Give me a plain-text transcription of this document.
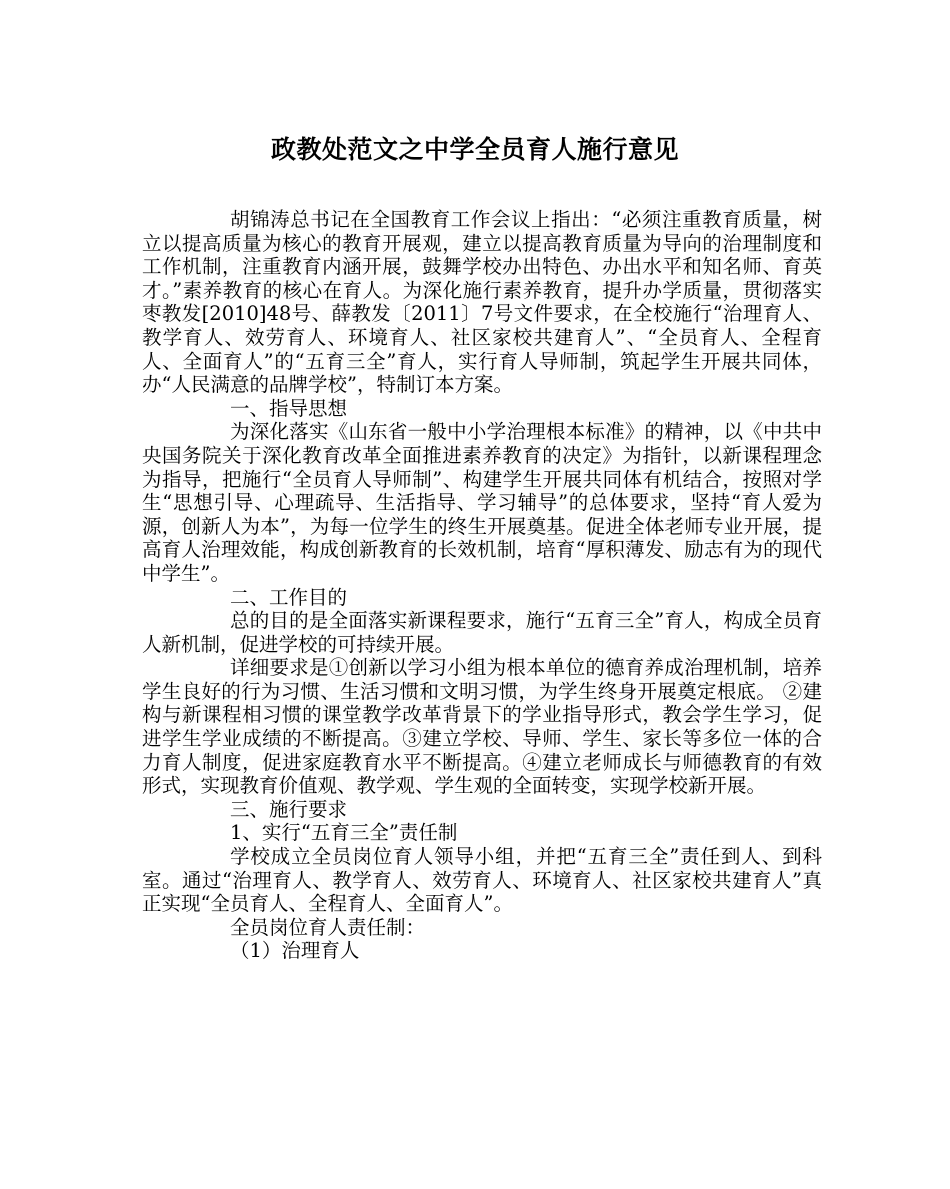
政教处范文之中学全员育人施行意见

胡锦涛总书记在全国教育工作会议上指出：“必须注重教育质量，树立以提高质量为核心的教育开展观，建立以提高教育质量为导向的治理制度和工作机制，注重教育内涵开展，鼓舞学校办出特色、办出水平和知名师、育英才。”素养教育的核心在育人。为深化施行素养教育，提升办学质量，贯彻落实枣教发[2010]48号、薛教发〔2011〕7号文件要求，在全校施行“治理育人、教学育人、效劳育人、环境育人、社区家校共建育人”、“全员育人、全程育人、全面育人”的“五育三全”育人，实行育人导师制，筑起学生开展共同体，办“人民满意的品牌学校”，特制订本方案。

一、指导思想

为深化落实《山东省一般中小学治理根本标准》的精神，以《中共中央国务院关于深化教育改革全面推进素养教育的决定》为指针，以新课程理念为指导，把施行“全员育人导师制”、构建学生开展共同体有机结合，按照对学生“思想引导、心理疏导、生活指导、学习辅导”的总体要求，坚持“育人爱为源，创新人为本”，为每一位学生的终生开展奠基。促进全体老师专业开展，提高育人治理效能，构成创新教育的长效机制，培育“厚积薄发、励志有为的现代中学生”。

二、工作目的

总的目的是全面落实新课程要求，施行“五育三全”育人，构成全员育人新机制，促进学校的可持续开展。

详细要求是①创新以学习小组为根本单位的德育养成治理机制，培养学生良好的行为习惯、生活习惯和文明习惯，为学生终身开展奠定根底。 ②建构与新课程相习惯的课堂教学改革背景下的学业指导形式，教会学生学习，促进学生学业成绩的不断提高。③建立学校、导师、学生、家长等多位一体的合力育人制度，促进家庭教育水平不断提高。④建立老师成长与师德教育的有效形式，实现教育价值观、教学观、学生观的全面转变，实现学校新开展。

三、施行要求

1、实行“五育三全”责任制

学校成立全员岗位育人领导小组，并把“五育三全”责任到人、到科室。通过“治理育人、教学育人、效劳育人、环境育人、社区家校共建育人”真正实现“全员育人、全程育人、全面育人”。

全员岗位育人责任制：

（1）治理育人
